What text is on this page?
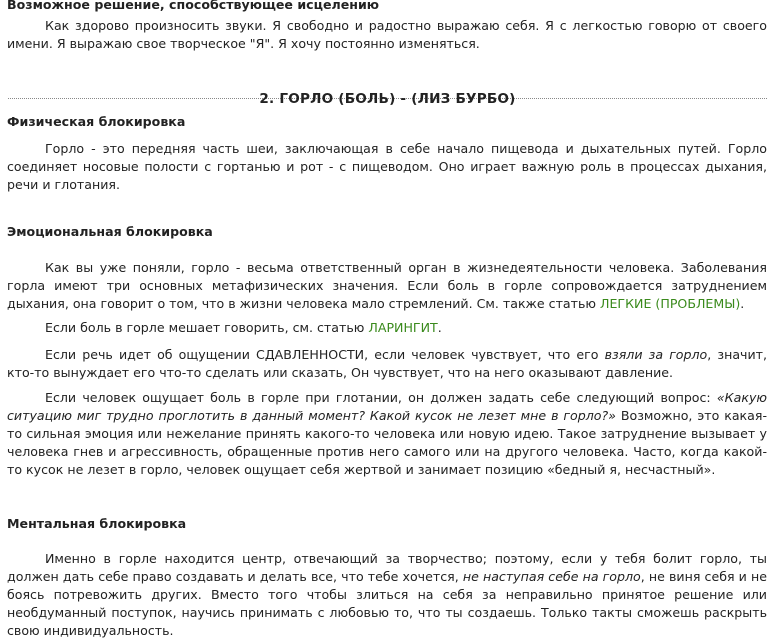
Возможное решение, способствующее исцелению

Как здорово произносить звуки. Я свободно и радостно выражаю себя. Я с легкостью говорю от своего имени. Я выражаю свое творческое "Я". Я хочу постоянно изменяться.

2. ГОРЛО (БОЛЬ) - (ЛИЗ БУРБО)
Физическая блокировка

Горло - это передняя часть шеи, заключающая в себе начало пищевода и дыхательных путей. Горло соединяет носовые полости с гортанью и рот - с пищеводом. Оно играет важную роль в процессах дыхания, речи и глотания.

Эмоциональная блокировка

Как вы уже поняли, горло - весьма ответственный орган в жизнедеятельности человека. Заболевания горла имеют три основных метафизических значения. Если боль в горле сопровождается затруднением дыхания, она говорит о том, что в жизни человека мало стремлений. См. также статью ЛЕГКИЕ (ПРОБЛЕМЫ).

Если боль в горле мешает говорить, см. статью ЛАРИНГИТ.

Если речь идет об ощущении СДАВЛЕННОСТИ, если человек чувствует, что его взяли за горло, значит, кто-то вынуждает его что-то сделать или сказать, Он чувствует, что на него оказывают давление.

Если человек ощущает боль в горле при глотании, он должен задать себе следующий вопрос: «Какую ситуацию миг трудно проглотить в данный момент? Какой кусок не лезет мне в горло?» Возможно, это какая-то сильная эмоция или нежелание принять какого-то человека или новую идею. Такое затруднение вызывает у человека гнев и агрессивность, обращенные против него самого или на другого человека. Часто, когда какой-то кусок не лезет в горло, человек ощущает себя жертвой и занимает позицию «бедный я, несчастный».

Ментальная блокировка

Именно в горле находится центр, отвечающий за творчество; поэтому, если у тебя болит горло, ты должен дать себе право создавать и делать все, что тебе хочется, не наступая себе на горло, не виня себя и не боясь потревожить других. Вместо того чтобы злиться на себя за неправильно принятое решение или необдуманный поступок, научись принимать с любовью то, что ты создаешь. Только такты сможешь раскрыть свою индивидуальность.
